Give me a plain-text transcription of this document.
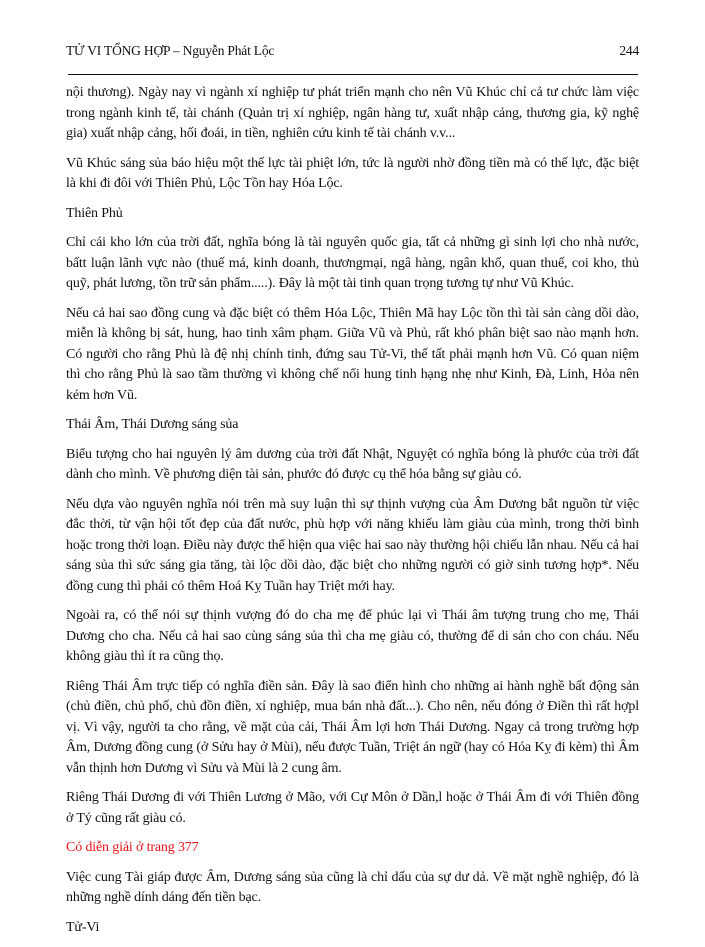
TỬ VI TỔNG HỢP – Nguyễn Phát Lộc	244

nội thương). Ngày nay vì ngành xí nghiệp tư phát triển mạnh cho nên Vũ Khúc chỉ cả tư chức làm việc trong ngành kinh tế, tài chánh (Quản trị xí nghiệp, ngân hàng tư, xuất nhập cảng, thương gia, kỹ nghệ gia) xuất nhập cảng, hối đoái, in tiền, nghiên cứu kinh tế tài chánh v.v...

Vũ Khúc sáng sủa báo hiệu một thế lực tài phiệt lớn, tức là người nhờ đồng tiền mà có thế lực, đặc biệt là khi đi đôi với Thiên Phủ, Lộc Tồn hay Hóa Lộc.

Thiên Phủ

Chỉ cái kho lớn của trời đất, nghĩa bóng là tài nguyên quốc gia, tất cả những gì sinh lợi cho nhà nước, bấtt luận lãnh vực nào (thuế má, kinh doanh, thươngmại, ngâ hàng, ngân khố, quan thuế, coi kho, thủ quỹ, phát lương, tồn trữ sản phẩm.....). Đây là một tài tinh quan trọng tương tự như Vũ Khúc.

Nếu cả hai sao đồng cung và đặc biệt có thêm Hóa Lộc, Thiên Mã hay Lộc tồn thì tài sản càng dồi dào, miễn là không bị sát, hung, hao tinh xâm phạm. Giữa Vũ và Phủ, rất khó phân biệt sao nào mạnh hơn. Có người cho rằng Phủ là đệ nhị chính tinh, đứng sau Tử-Vi, thế tất phải mạnh hơn Vũ. Có quan niệm thì cho rằng Phủ là sao tầm thường vì không chế nổi hung tinh hạng nhẹ như Kinh, Đà, Linh, Hỏa nên kém hơn Vũ.

Thái Âm, Thái Dương sáng sủa

Biểu tượng cho hai nguyên lý âm dương của trời đất Nhật, Nguyệt có nghĩa bóng là phước của trời đất dành cho mình. Về phương diện tài sản, phước đó được cụ thể hóa bằng sự giàu có.

Nếu dựa vào nguyên nghĩa nói trên mà suy luận thì sự thịnh vượng của Âm Dương bắt nguồn từ việc đắc thời, từ vận hội tốt đẹp của đất nước, phù hợp với năng khiếu làm giàu của mình, trong thời bình hoặc trong thời loạn. Điều này được thể hiện qua việc hai sao này thường hội chiếu lẫn nhau. Nếu cả hai sáng sủa thì sức sáng gia tăng, tài lộc dồi dào, đặc biệt cho những người có giờ sinh tương hợp*. Nếu đồng cung thì phải có thêm Hoá Kỵ Tuần hay Triệt mới hay.

Ngoài ra, có thể nói sự thịnh vượng đó do cha mẹ để phúc lại vì Thái âm tượng trung cho mẹ, Thái Dương cho cha. Nếu cả hai sao cùng sáng sủa thì cha mẹ giàu có, thường để di sản cho con cháu. Nếu không giàu thì ít ra cũng thọ.

Riêng Thái Âm trực tiếp có nghĩa điền sản. Đây là sao điển hình cho những ai hành nghề bất động sản (chủ điền, chủ phố, chủ đồn điền, xí nghiệp, mua bán nhà đất...). Cho nên, nếu đóng ở Điền thì rất hợpl vị. Vì vậy, người ta cho rằng, về mặt của cải, Thái Âm lợi hơn Thái Dương. Ngay cả trong trường hợp Âm, Dương đồng cung (ở Sửu hay ở Mùi), nếu được Tuần, Triệt án ngữ (hay có Hóa Kỵ đi kèm) thì Âm vẫn thịnh hơn Dương vì Sửu và Mùi là 2 cung âm.

Riêng Thái Dương đi với Thiên Lương ở Mão, với Cự Môn ở Dần,l hoặc ở Thái Âm đi với Thiên đồng ở Tý cũng rất giàu có.

Có diễn giải ở trang 377

Việc cung Tài giáp được Âm, Dương sáng sủa cũng là chỉ dấu của sự dư dả. Về mặt nghề nghiệp, đó là những nghề dính dáng đến tiền bạc.

Tử-Vi
